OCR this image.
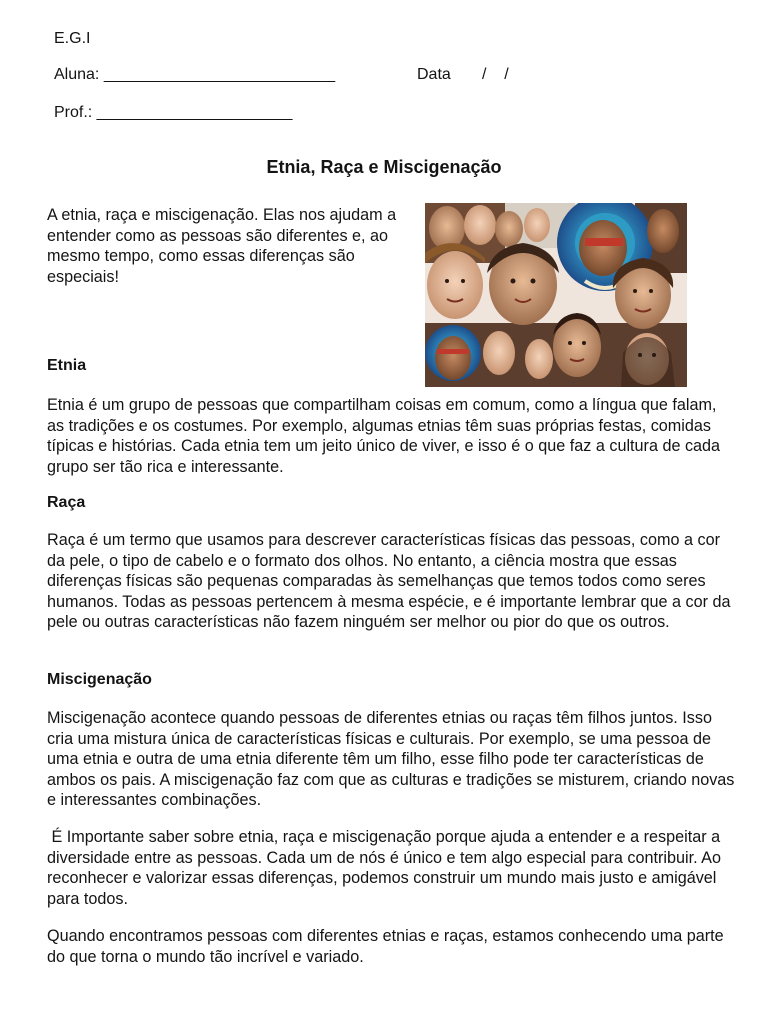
E.G.I
Aluna: __________________________	Data /    /
Prof.: ______________________
Etnia, Raça e Miscigenação
A etnia, raça e miscigenação. Elas nos ajudam a entender como as pessoas são diferentes e, ao mesmo tempo, como essas diferenças são especiais!
Etnia
Etnia é um grupo de pessoas que compartilham coisas em comum, como a língua que falam, as tradições e os costumes. Por exemplo, algumas etnias têm suas próprias festas, comidas típicas e histórias. Cada etnia tem um jeito único de viver, e isso é o que faz a cultura de cada grupo ser tão rica e interessante.
Raça
Raça é um termo que usamos para descrever características físicas das pessoas, como a cor da pele, o tipo de cabelo e o formato dos olhos. No entanto, a ciência mostra que essas diferenças físicas são pequenas comparadas às semelhanças que temos todos como seres humanos. Todas as pessoas pertencem à mesma espécie, e é importante lembrar que a cor da pele ou outras características não fazem ninguém ser melhor ou pior do que os outros.
Miscigenação
Miscigenação acontece quando pessoas de diferentes etnias ou raças têm filhos juntos. Isso cria uma mistura única de características físicas e culturais. Por exemplo, se uma pessoa de uma etnia e outra de uma etnia diferente têm um filho, esse filho pode ter características de ambos os pais. A miscigenação faz com que as culturas e tradições se misturem, criando novas e interessantes combinações.
É Importante saber sobre etnia, raça e miscigenação porque ajuda a entender e a respeitar a diversidade entre as pessoas. Cada um de nós é único e tem algo especial para contribuir. Ao reconhecer e valorizar essas diferenças, podemos construir um mundo mais justo e amigável para todos.
Quando encontramos pessoas com diferentes etnias e raças, estamos conhecendo uma parte do que torna o mundo tão incrível e variado.
